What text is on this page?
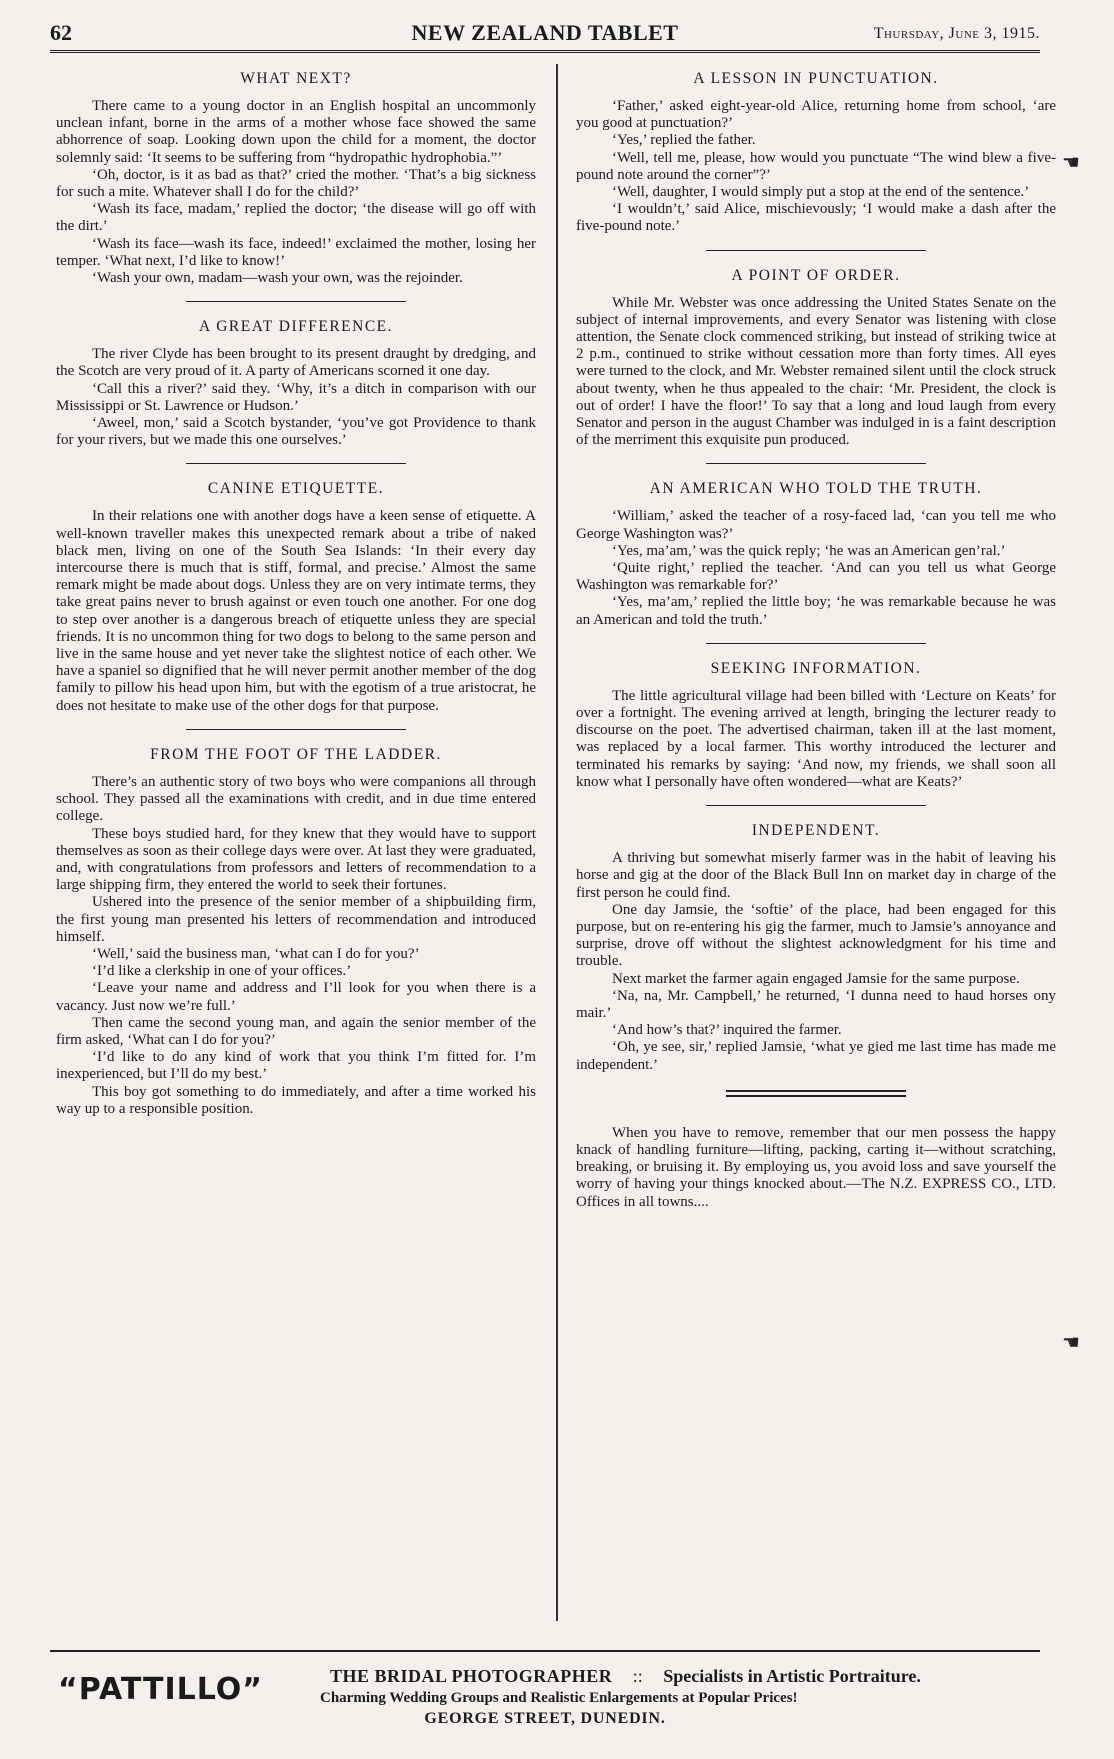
62	NEW ZEALAND TABLET	Thursday, June 3, 1915.
WHAT NEXT?

There came to a young doctor in an English hospital an uncommonly unclean infant, borne in the arms of a mother whose face showed the same abhorrence of soap. Looking down upon the child for a moment, the doctor solemnly said: ‘It seems to be suffering from “hydropathic hydrophobia.”’

‘Oh, doctor, is it as bad as that?’ cried the mother. ‘That’s a big sickness for such a mite. Whatever shall I do for the child?’

‘Wash its face, madam,’ replied the doctor; ‘the disease will go off with the dirt.’

‘Wash its face—wash its face, indeed!’ exclaimed the mother, losing her temper. ‘What next, I’d like to know!’

‘Wash your own, madam—wash your own, was the rejoinder.

A GREAT DIFFERENCE.

The river Clyde has been brought to its present draught by dredging, and the Scotch are very proud of it. A party of Americans scorned it one day.

‘Call this a river?’ said they. ‘Why, it’s a ditch in comparison with our Mississippi or St. Lawrence or Hudson.’

‘Aweel, mon,’ said a Scotch bystander, ‘you’ve got Providence to thank for your rivers, but we made this one ourselves.’

CANINE ETIQUETTE.

In their relations one with another dogs have a keen sense of etiquette. A well-known traveller makes this unexpected remark about a tribe of naked black men, living on one of the South Sea Islands: ‘In their every day intercourse there is much that is stiff, formal, and precise.’ Almost the same remark might be made about dogs. Unless they are on very intimate terms, they take great pains never to brush against or even touch one another. For one dog to step over another is a dangerous breach of etiquette unless they are special friends. It is no uncommon thing for two dogs to belong to the same person and live in the same house and yet never take the slightest notice of each other. We have a spaniel so dignified that he will never permit another member of the dog family to pillow his head upon him, but with the egotism of a true aristocrat, he does not hesitate to make use of the other dogs for that purpose.

FROM THE FOOT OF THE LADDER.

There’s an authentic story of two boys who were companions all through school. They passed all the examinations with credit, and in due time entered college.

These boys studied hard, for they knew that they would have to support themselves as soon as their college days were over. At last they were graduated, and, with congratulations from professors and letters of recommendation to a large shipping firm, they entered the world to seek their fortunes.

Ushered into the presence of the senior member of a shipbuilding firm, the first young man presented his letters of recommendation and introduced himself.

‘Well,’ said the business man, ‘what can I do for you?’

‘I’d like a clerkship in one of your offices.’

‘Leave your name and address and I’ll look for you when there is a vacancy. Just now we’re full.’

Then came the second young man, and again the senior member of the firm asked, ‘What can I do for you?’

‘I’d like to do any kind of work that you think I’m fitted for. I’m inexperienced, but I’ll do my best.’

This boy got something to do immediately, and after a time worked his way up to a responsible position.

A LESSON IN PUNCTUATION.

‘Father,’ asked eight-year-old Alice, returning home from school, ‘are you good at punctuation?’

‘Yes,’ replied the father.

‘Well, tell me, please, how would you punctuate “The wind blew a five-pound note around the corner”?’

‘Well, daughter, I would simply put a stop at the end of the sentence.’

‘I wouldn’t,’ said Alice, mischievously; ‘I would make a dash after the five-pound note.’

A POINT OF ORDER.

While Mr. Webster was once addressing the United States Senate on the subject of internal improvements, and every Senator was listening with close attention, the Senate clock commenced striking, but instead of striking twice at 2 p.m., continued to strike without cessation more than forty times. All eyes were turned to the clock, and Mr. Webster remained silent until the clock struck about twenty, when he thus appealed to the chair: ‘Mr. President, the clock is out of order! I have the floor!’ To say that a long and loud laugh from every Senator and person in the august Chamber was indulged in is a faint description of the merriment this exquisite pun produced.

AN AMERICAN WHO TOLD THE TRUTH.

‘William,’ asked the teacher of a rosy-faced lad, ‘can you tell me who George Washington was?’

‘Yes, ma’am,’ was the quick reply; ‘he was an American gen’ral.’

‘Quite right,’ replied the teacher. ‘And can you tell us what George Washington was remarkable for?’

‘Yes, ma’am,’ replied the little boy; ‘he was remarkable because he was an American and told the truth.’

SEEKING INFORMATION.

The little agricultural village had been billed with ‘Lecture on Keats’ for over a fortnight. The evening arrived at length, bringing the lecturer ready to discourse on the poet. The advertised chairman, taken ill at the last moment, was replaced by a local farmer. This worthy introduced the lecturer and terminated his remarks by saying: ‘And now, my friends, we shall soon all know what I personally have often wondered—what are Keats?’

INDEPENDENT.

A thriving but somewhat miserly farmer was in the habit of leaving his horse and gig at the door of the Black Bull Inn on market day in charge of the first person he could find.

One day Jamsie, the ‘softie’ of the place, had been engaged for this purpose, but on re-entering his gig the farmer, much to Jamsie’s annoyance and surprise, drove off without the slightest acknowledgment for his time and trouble.

Next market the farmer again engaged Jamsie for the same purpose.

‘Na, na, Mr. Campbell,’ he returned, ‘I dunna need to haud horses ony mair.’

‘And how’s that?’ inquired the farmer.

‘Oh, ye see, sir,’ replied Jamsie, ‘what ye gied me last time has made me independent.’

When you have to remove, remember that our men possess the happy knack of handling furniture—lifting, packing, carting it—without scratching, breaking, or bruising it. By employing us, you avoid loss and save yourself the worry of having your things knocked about.—The N.Z. EXPRESS CO., LTD. Offices in all towns....

☚
☚
“PATTILLO”	THE BRIDAL PHOTOGRAPHER :: Specialists in Artistic Portraiture.
Charming Wedding Groups and Realistic Enlargements at Popular Prices!
GEORGE STREET, DUNEDIN.
